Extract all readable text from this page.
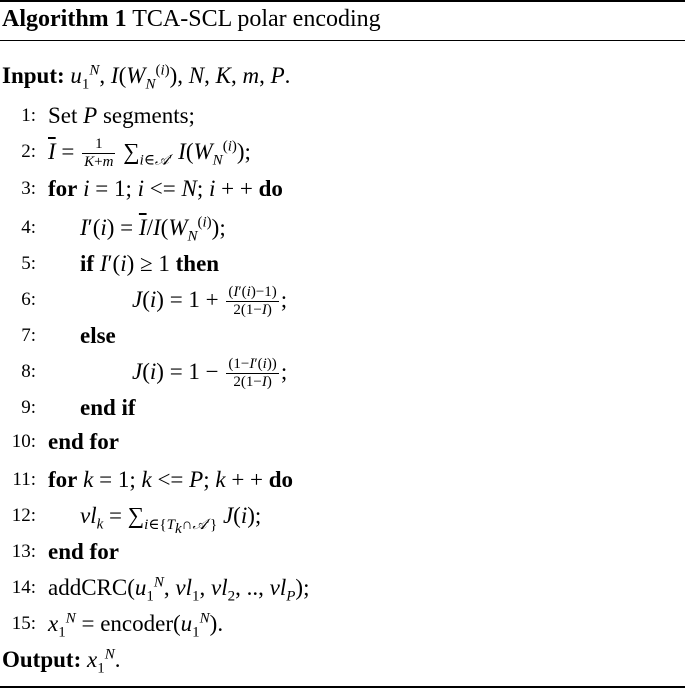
Algorithm 1 TCA-SCL polar encoding
Input: $u_1^N$, $I(W_N^{(i)})$, N, K, m, P.
1: Set P segments;
2: $\overline{I} = \frac{1}{K+m} \sum_{i\in 𝒜'}$ $I(W_N^{(i)})$;
3: for i = 1; i <= N; i + + do
4: $I'(i) = \overline{I}/I(W_N^{(i)})$;
5: if I′(i) ≥ 1 then
6:	$J(i) = 1 + \frac{(I'(i)-1)}{2(1-\overline{I})}$ ;
7: else
8:	$J(i) = 1 - \frac{(1-I'(i))}{2(1-\overline{I})}$ ;
9: end if
10: end for
11: for k = 1; k <= P; k + + do
12: $vl_k = \sum_{i\in\{T_k\cap 𝒜'\}}$ J(i);
13: end for
14: $addCRC(u_1^N$, $vl_1$, $vl_2$, .., $vl_P$);
15: $x_1^N$ = $encoder(u_1^N)$.
Output: $x_1^N$.
